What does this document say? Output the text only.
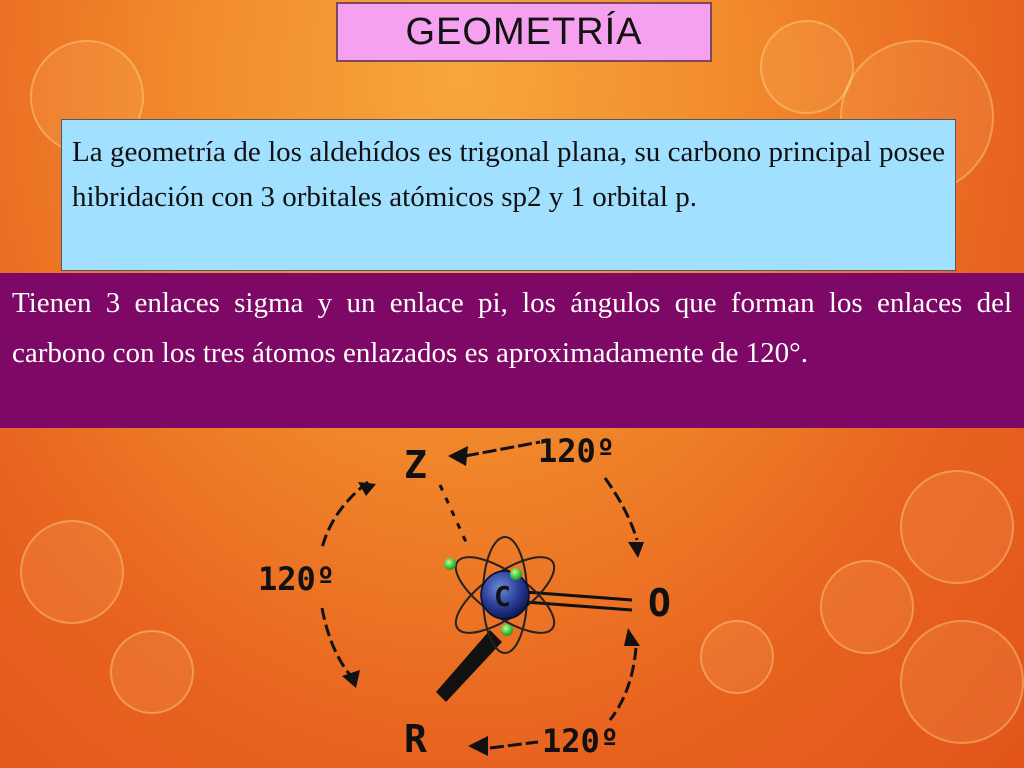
GEOMETRÍA
La geometría de los aldehídos es trigonal plana, su carbono principal posee hibridación con 3 orbitales atómicos sp2 y 1 orbital p.
Tienen 3 enlaces sigma y un enlace pi, los ángulos que forman los enlaces del carbono con los tres átomos enlazados es aproximadamente de 120°.
C
Z
O
R
120º
120º
120º
